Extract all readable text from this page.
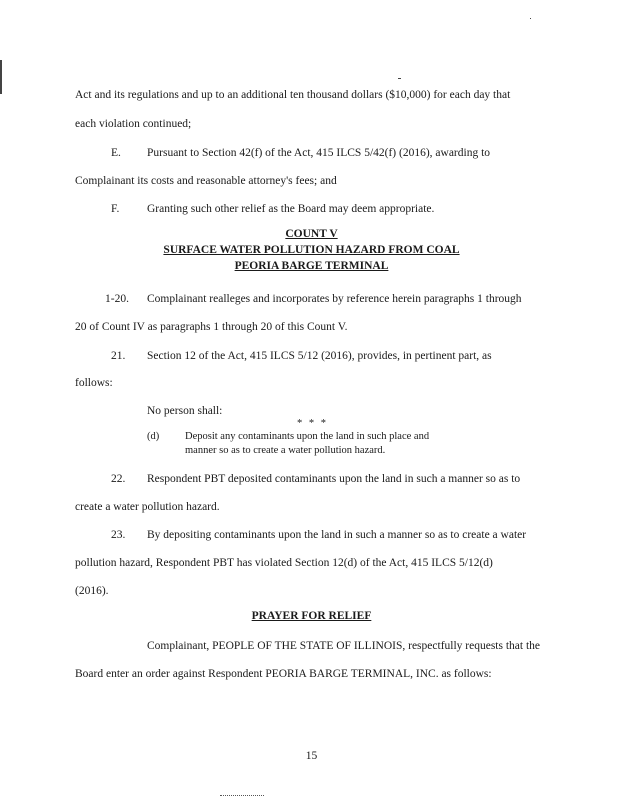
Act and its regulations and up to an additional ten thousand dollars ($10,000) for each day that
each violation continued;
E. Pursuant to Section 42(f) of the Act, 415 ILCS 5/42(f) (2016), awarding to
Complainant its costs and reasonable attorney's fees; and
F. Granting such other relief as the Board may deem appropriate.
COUNT V
SURFACE WATER POLLUTION HAZARD FROM COAL
PEORIA BARGE TERMINAL
1-20. Complainant realleges and incorporates by reference herein paragraphs 1 through
20 of Count IV as paragraphs 1 through 20 of this Count V.
21. Section 12 of the Act, 415 ILCS 5/12 (2016), provides, in pertinent part, as
follows:
No person shall:
* * *
(d) Deposit any contaminants upon the land in such place and
manner so as to create a water pollution hazard.
22. Respondent PBT deposited contaminants upon the land in such a manner so as to
create a water pollution hazard.
23. By depositing contaminants upon the land in such a manner so as to create a water
pollution hazard, Respondent PBT has violated Section 12(d) of the Act, 415 ILCS 5/12(d)
(2016).
PRAYER FOR RELIEF
Complainant, PEOPLE OF THE STATE OF ILLINOIS, respectfully requests that the
Board enter an order against Respondent PEORIA BARGE TERMINAL, INC. as follows:
15
